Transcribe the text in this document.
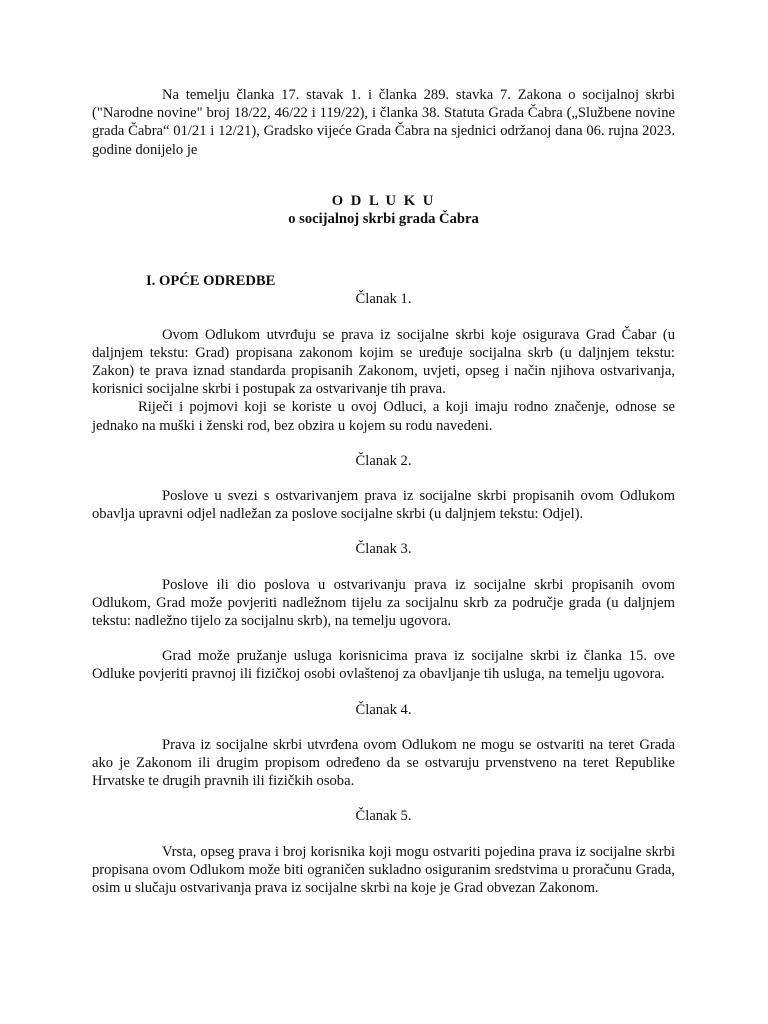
Na temelju članka 17. stavak 1. i članka 289. stavka 7. Zakona o socijalnoj skrbi ("Narodne novine" broj 18/22, 46/22 i 119/22), i članka 38. Statuta Grada Čabra („Službene novine grada Čabra“ 01/21 i 12/21), Gradsko vijeće Grada Čabra na sjednici održanoj dana 06. rujna 2023. godine donijelo je

O D L U K U

o socijalnoj skrbi grada Čabra

I. OPĆE ODREDBE

Članak 1.

Ovom Odlukom utvrđuju se prava iz socijalne skrbi koje osigurava Grad Čabar (u daljnjem tekstu: Grad) propisana zakonom kojim se uređuje socijalna skrb (u daljnjem tekstu: Zakon) te prava iznad standarda propisanih Zakonom, uvjeti, opseg i način njihova ostvarivanja, korisnici socijalne skrbi i postupak za ostvarivanje tih prava.

Riječi i pojmovi koji se koriste u ovoj Odluci, a koji imaju rodno značenje, odnose se jednako na muški i ženski rod, bez obzira u kojem su rodu navedeni.

Članak 2.

Poslove u svezi s ostvarivanjem prava iz socijalne skrbi propisanih ovom Odlukom obavlja upravni odjel nadležan za poslove socijalne skrbi (u daljnjem tekstu: Odjel).

Članak 3.

Poslove ili dio poslova u ostvarivanju prava iz socijalne skrbi propisanih ovom Odlukom, Grad može povjeriti nadležnom tijelu za socijalnu skrb za područje grada (u daljnjem tekstu: nadležno tijelo za socijalnu skrb), na temelju ugovora.

Grad može pružanje usluga korisnicima prava iz socijalne skrbi iz članka 15. ove Odluke povjeriti pravnoj ili fizičkoj osobi ovlaštenoj za obavljanje tih usluga, na temelju ugovora.

Članak 4.

Prava iz socijalne skrbi utvrđena ovom Odlukom ne mogu se ostvariti na teret Grada ako je Zakonom ili drugim propisom određeno da se ostvaruju prvenstveno na teret Republike Hrvatske te drugih pravnih ili fizičkih osoba.

Članak 5.

Vrsta, opseg prava i broj korisnika koji mogu ostvariti pojedina prava iz socijalne skrbi propisana ovom Odlukom može biti ograničen sukladno osiguranim sredstvima u proračunu Grada, osim u slučaju ostvarivanja prava iz socijalne skrbi na koje je Grad obvezan Zakonom.
